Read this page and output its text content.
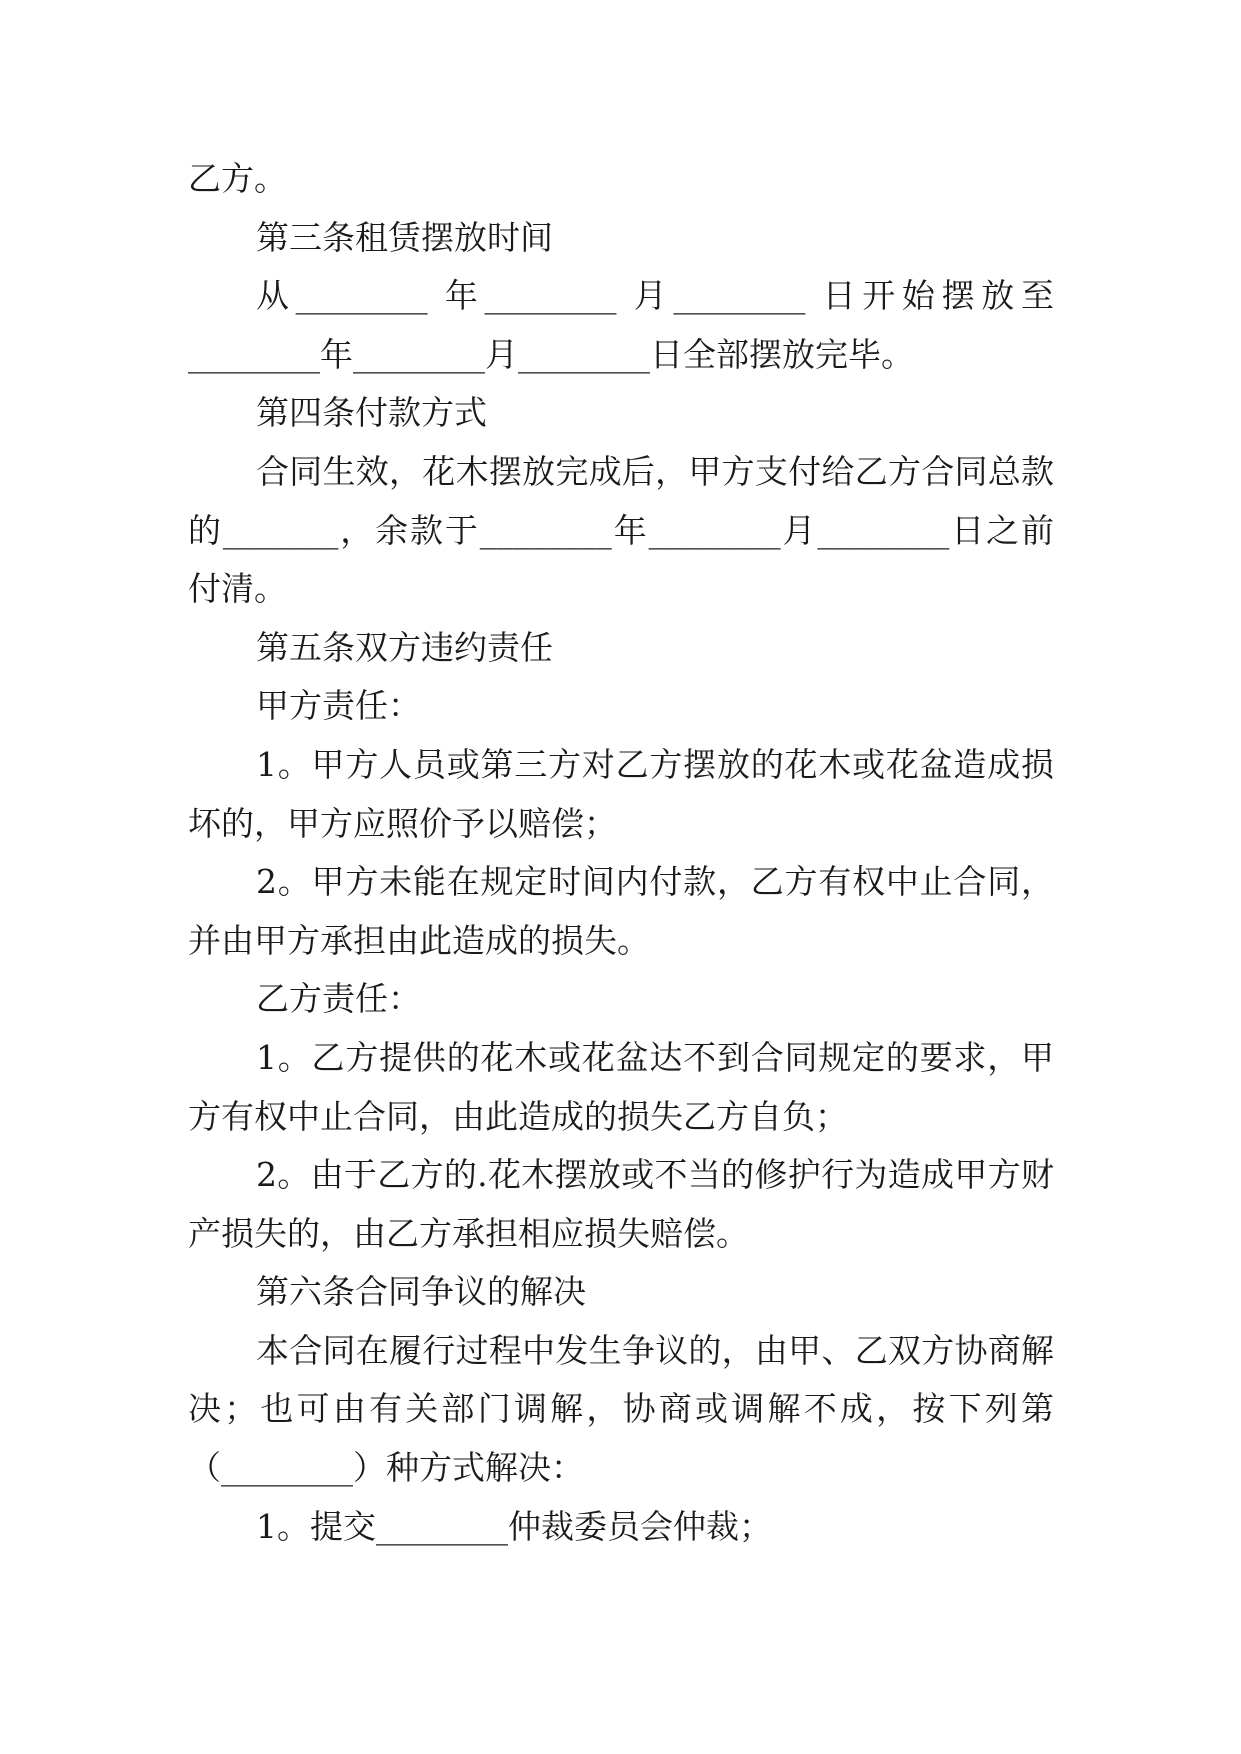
乙方。
第三条租赁摆放时间
从________ 年________ 月________ 日开始摆放至
________年________月________日全部摆放完毕。
第四条付款方式
合同生效，花木摆放完成后，甲方支付给乙方合同总款
的_______，余款于________年________月________日之前
付清。
第五条双方违约责任
甲方责任：
1。甲方人员或第三方对乙方摆放的花木或花盆造成损
坏的，甲方应照价予以赔偿；
2。甲方未能在规定时间内付款，乙方有权中止合同，
并由甲方承担由此造成的损失。
乙方责任：
1。乙方提供的花木或花盆达不到合同规定的要求，甲
方有权中止合同，由此造成的损失乙方自负；
2。由于乙方的.花木摆放或不当的修护行为造成甲方财
产损失的，由乙方承担相应损失赔偿。
第六条合同争议的解决
本合同在履行过程中发生争议的，由甲、乙双方协商解
决；也可由有关部门调解，协商或调解不成，按下列第
（________）种方式解决：
1。提交________仲裁委员会仲裁；
